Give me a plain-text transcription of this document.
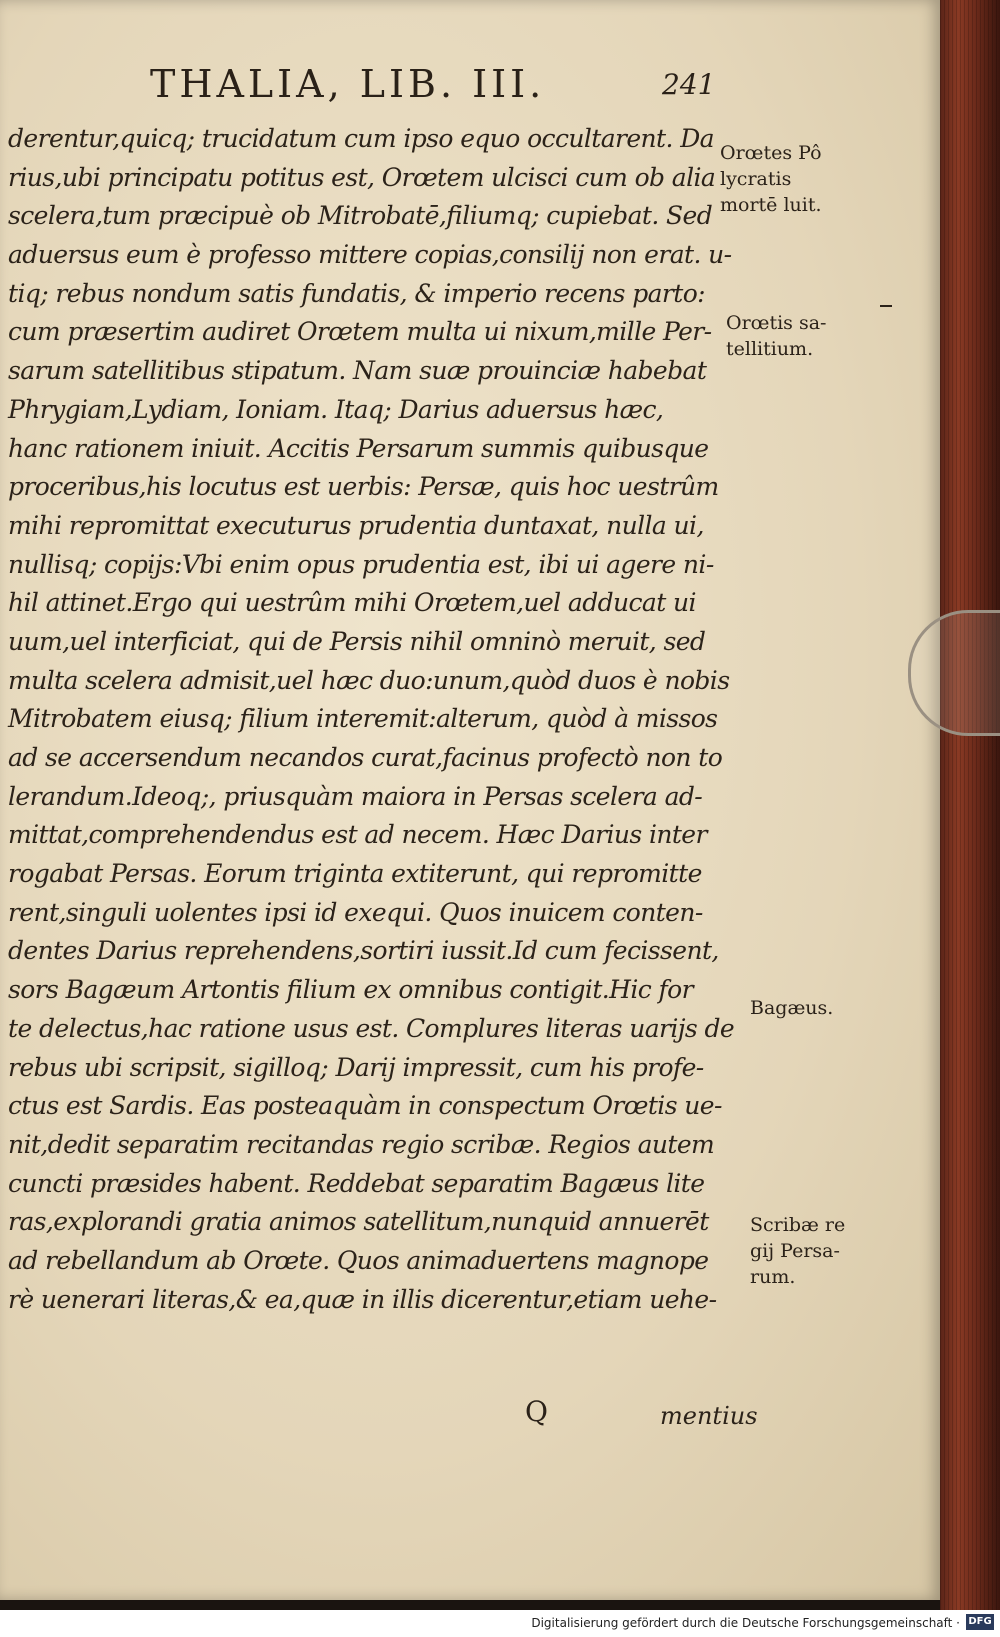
THALIA, LIB. III.	241
derentur,quicq; trucidatum cum ipso equo occultarent. Da
rius,ubi principatu potitus est, Orœtem ulcisci cum ob alia
scelera,tum præcipuè ob Mitrobatē,filiumq; cupiebat. Sed
aduersus eum è professo mittere copias,consilij non erat. u-
tiq; rebus nondum satis fundatis, & imperio recens parto:
cum præsertim audiret Orœtem multa ui nixum,mille Per-
sarum satellitibus stipatum. Nam suæ prouinciæ habebat
Phrygiam,Lydiam, Ioniam. Itaq; Darius aduersus hæc,
hanc rationem iniuit. Accitis Persarum summis quibusque
proceribus,his locutus est uerbis: Persæ, quis hoc uestrûm
mihi repromittat executurus prudentia duntaxat, nulla ui,
nullisq; copijs:Vbi enim opus prudentia est, ibi ui agere ni-
hil attinet.Ergo qui uestrûm mihi Orœtem,uel adducat ui
uum,uel interficiat, qui de Persis nihil omninò meruit, sed
multa scelera admisit,uel hæc duo:unum,quòd duos è nobis
Mitrobatem eiusq; filium interemit:alterum, quòd à missos
ad se accersendum necandos curat,facinus profectò non to
lerandum.Ideoq;, priusquàm maiora in Persas scelera ad-
mittat,comprehendendus est ad necem. Hæc Darius inter
rogabat Persas. Eorum triginta extiterunt, qui repromitte
rent,singuli uolentes ipsi id exequi. Quos inuicem conten-
dentes Darius reprehendens,sortiri iussit.Id cum fecissent,
sors Bagæum Artontis filium ex omnibus contigit.Hic for
te delectus,hac ratione usus est. Complures literas uarijs de
rebus ubi scripsit, sigilloq; Darij impressit, cum his profe-
ctus est Sardis. Eas posteaquàm in conspectum Orœtis ue-
nit,dedit separatim recitandas regio scribæ. Regios autem
cuncti præsides habent. Reddebat separatim Bagæus lite
ras,explorandi gratia animos satellitum,nunquid annuerēt
ad rebellandum ab Orœte. Quos animaduertens magnope
rè uenerari literas,& ea,quæ in illis dicerentur,etiam uehe-
Orœtes Pô
lycratis
mortē luit.
Orœtis sa-
tellitium.
Bagæus.
Scribæ re
gij Persa-
rum.
Q	mentius
Digitalisierung gefördert durch die Deutsche Forschungsgemeinschaft · DFG
